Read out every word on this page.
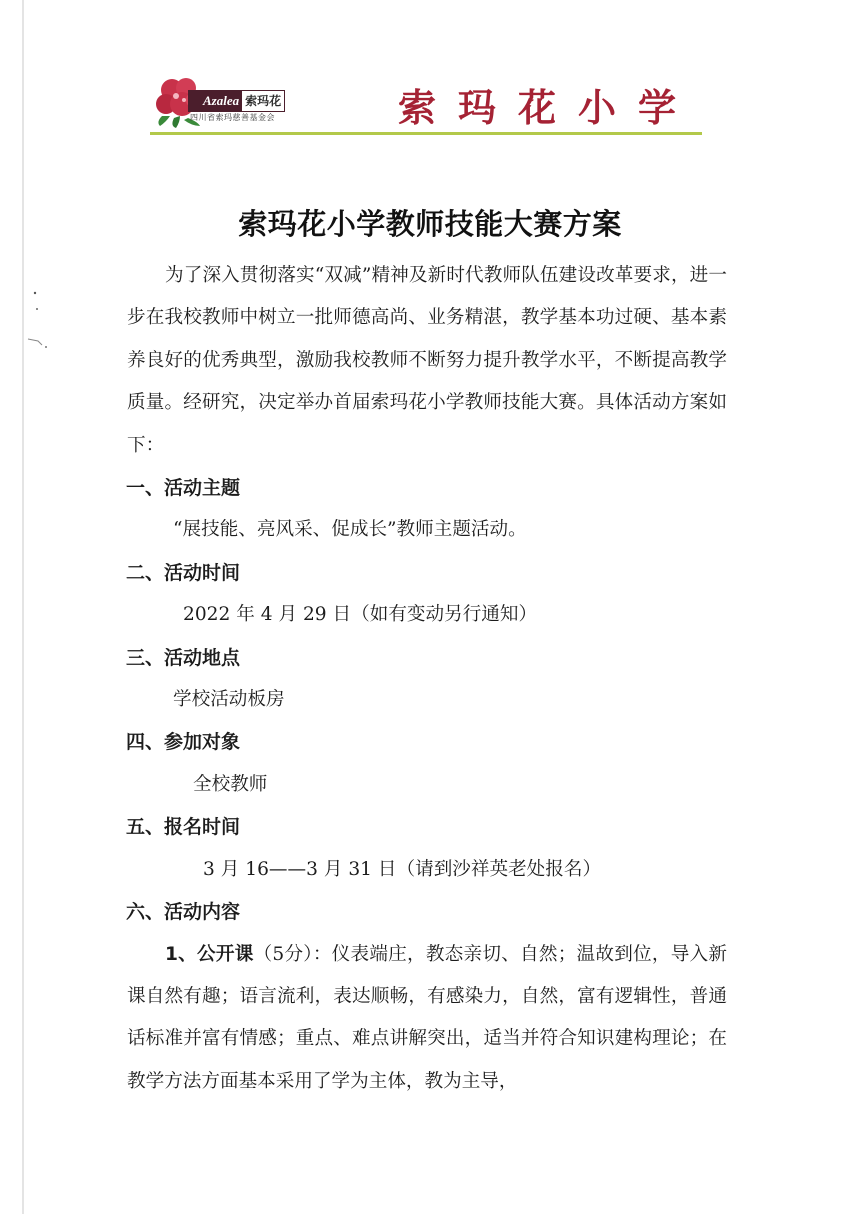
Azalea 索玛花
四川省索玛慈善基金会	索玛花小学
索玛花小学教师技能大赛方案

为了深入贯彻落实“双减”精神及新时代教师队伍建设改革要求，进一步在我校教师中树立一批师德高尚、业务精湛，教学基本功过硬、基本素养良好的优秀典型，激励我校教师不断努力提升教学水平，不断提高教学质量。经研究，决定举办首届索玛花小学教师技能大赛。具体活动方案如下：

一、活动主题

“展技能、亮风采、促成长”教师主题活动。

二、活动时间

2022 年 4 月 29 日（如有变动另行通知）

三、活动地点

学校活动板房

四、参加对象

全校教师

五、报名时间

3 月 16——3 月 31 日（请到沙祥英老处报名）

六、活动内容

1、公开课（5分）：仪表端庄，教态亲切、自然；温故到位，导入新课自然有趣；语言流利，表达顺畅，有感染力，自然，富有逻辑性，普通话标准并富有情感；重点、难点讲解突出，适当并符合知识建构理论；在教学方法方面基本采用了学为主体，教为主导，
